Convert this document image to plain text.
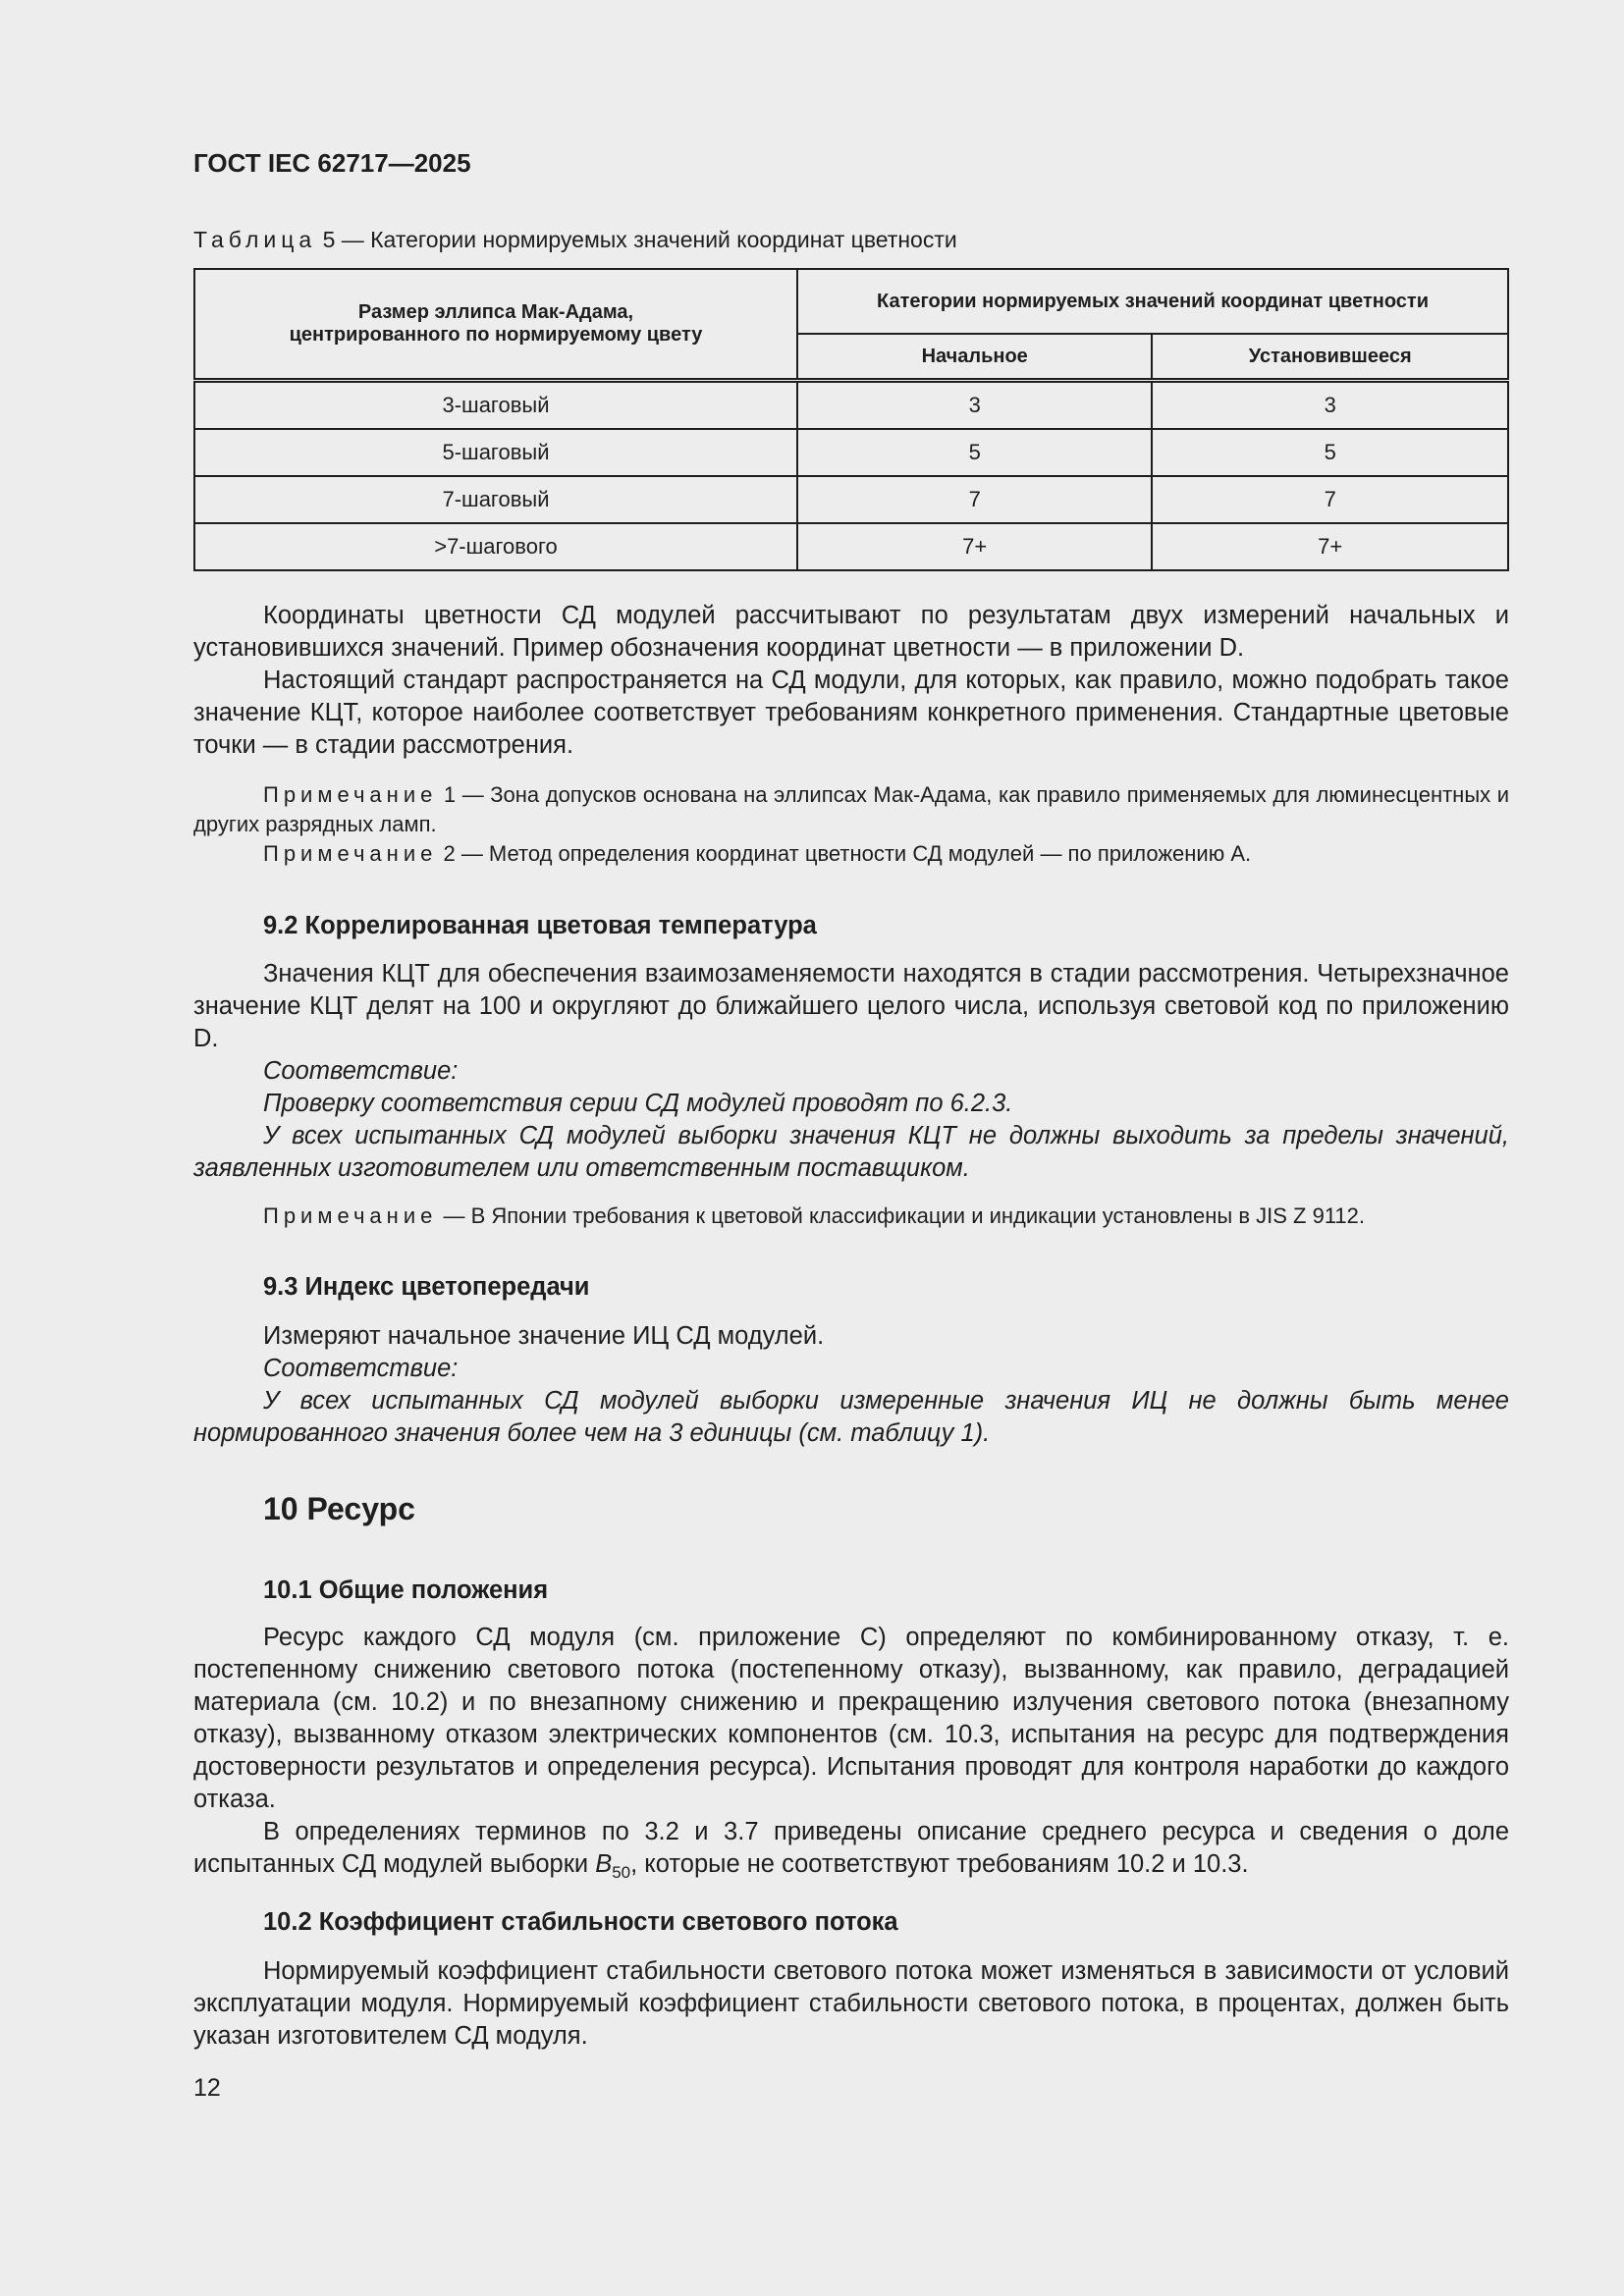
ГОСТ IEC 62717—2025
Таблица 5 — Категории нормируемых значений координат цветности
Размер эллипса Мак-Адама,
центрированного по нормируемому цвету	Категории нормируемых значений координат цветности	
	Начальное	Установившееся
3-шаговый	3	3
5-шаговый	5	5
7-шаговый	7	7
>7-шагового	7+	7+

Координаты цветности СД модулей рассчитывают по результатам двух измерений начальных и установившихся значений. Пример обозначения координат цветности — в приложении D.

Настоящий стандарт распространяется на СД модули, для которых, как правило, можно подобрать такое значение КЦТ, которое наиболее соответствует требованиям конкретного применения. Стандартные цветовые точки — в стадии рассмотрения.

Примечание 1 — Зона допусков основана на эллипсах Мак-Адама, как правило применяемых для люминесцентных и других разрядных ламп.

Примечание 2 — Метод определения координат цветности СД модулей — по приложению А.

9.2 Коррелированная цветовая температура

Значения КЦТ для обеспечения взаимозаменяемости находятся в стадии рассмотрения. Четырехзначное значение КЦТ делят на 100 и округляют до ближайшего целого числа, используя световой код по приложению D.

Соответствие:

Проверку соответствия серии СД модулей проводят по 6.2.3.

У всех испытанных СД модулей выборки значения КЦТ не должны выходить за пределы значений, заявленных изготовителем или ответственным поставщиком.

Примечание — В Японии требования к цветовой классификации и индикации установлены в JIS Z 9112.

9.3 Индекс цветопередачи

Измеряют начальное значение ИЦ СД модулей.

Соответствие:

У всех испытанных СД модулей выборки измеренные значения ИЦ не должны быть менее нормированного значения более чем на 3 единицы (см. таблицу 1).

10 Ресурс
10.1 Общие положения

Ресурс каждого СД модуля (см. приложение С) определяют по комбинированному отказу, т. е. постепенному снижению светового потока (постепенному отказу), вызванному, как правило, деградацией материала (см. 10.2) и по внезапному снижению и прекращению излучения светового потока (внезапному отказу), вызванному отказом электрических компонентов (см. 10.3, испытания на ресурс для подтверждения достоверности результатов и определения ресурса). Испытания проводят для контроля наработки до каждого отказа.

В определениях терминов по 3.2 и 3.7 приведены описание среднего ресурса и сведения о доле испытанных СД модулей выборки $B_{50}$, которые не соответствуют требованиям 10.2 и 10.3.

10.2 Коэффициент стабильности светового потока

Нормируемый коэффициент стабильности светового потока может изменяться в зависимости от условий эксплуатации модуля. Нормируемый коэффициент стабильности светового потока, в процентах, должен быть указан изготовителем СД модуля.

12
